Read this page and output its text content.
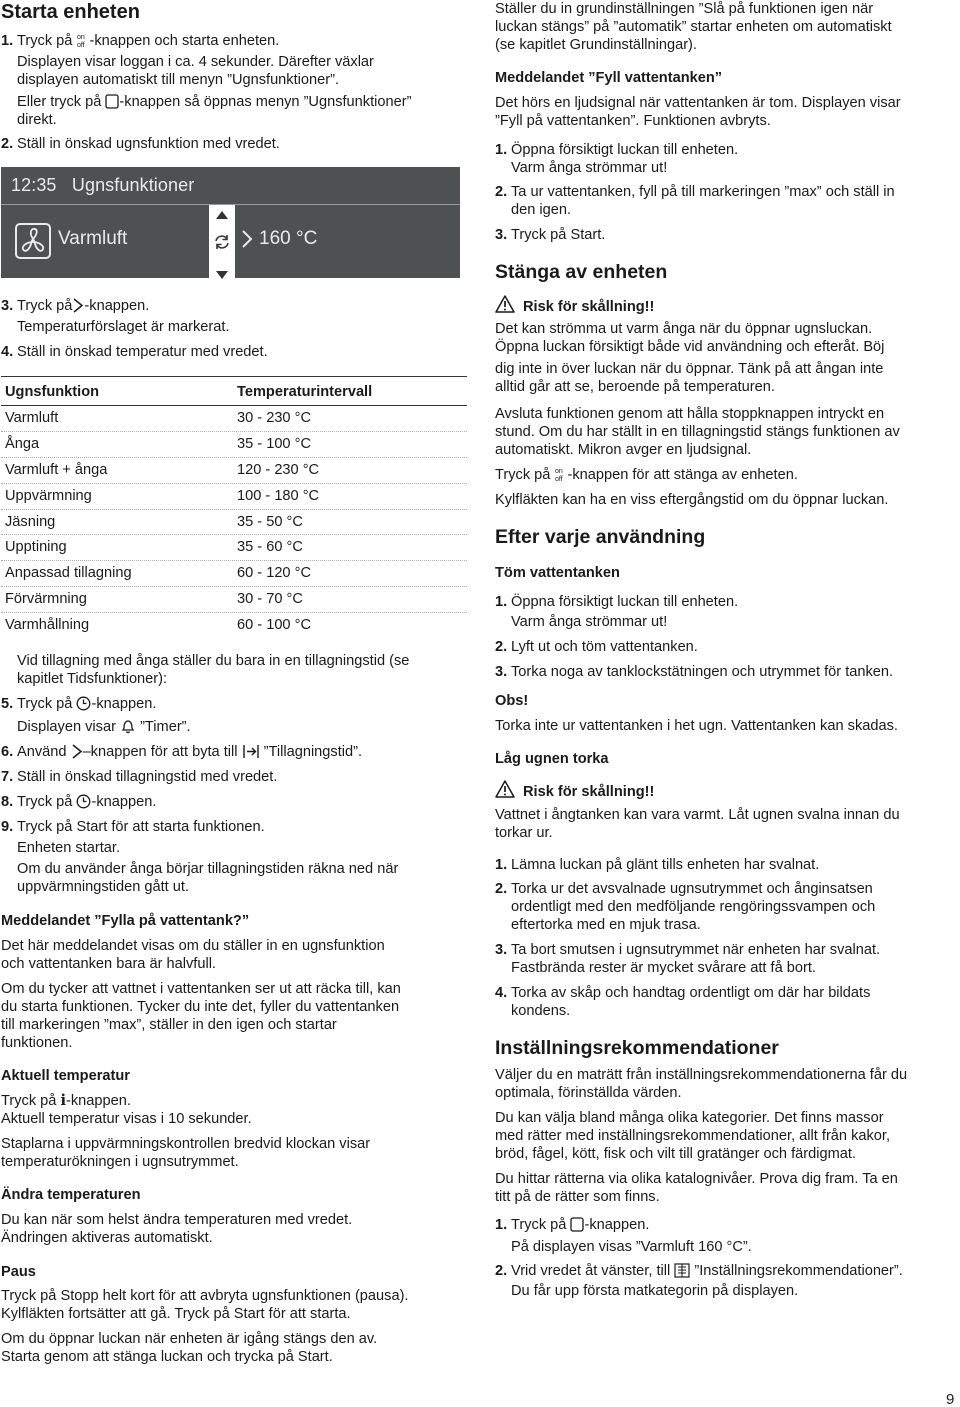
Starta enheten
1. Tryck på on
off -knappen och starta enheten.

Displayen visar loggan i ca. 4 sekunder. Därefter växlar

displayen automatiskt till menyn ”Ugnsfunktioner”.

Eller tryck på -knappen så öppnas menyn ”Ugnsfunktioner”

direkt.

2. Ställ in önskad ugnsfunktion med vredet.
12:35 Ugnsfunktioner
Varmluft	160 °C
3. Tryck på -knappen.

Temperaturförslaget är markerat.

4. Ställ in önskad temperatur med vredet.
Ugnsfunktion	Temperaturintervall
Varmluft	30 - 230 °C
Ånga	35 - 100 °C
Varmluft + ånga	120 - 230 °C
Uppvärmning	100 - 180 °C
Jäsning	35 - 50 °C
Upptining	35 - 60 °C
Anpassad tillagning	60 - 120 °C
Förvärmning	30 - 70 °C
Varmhållning	60 - 100 °C

Vid tillagning med ånga ställer du bara in en tillagningstid (se

kapitlet Tidsfunktioner):

5. Tryck på -knappen.

Displayen visar  ”Timer”.

6. Använd –knappen för att byta till  ”Tillagningstid”.
7. Ställ in önskad tillagningstid med vredet.
8. Tryck på -knappen.
9. Tryck på Start för att starta funktionen.

Enheten startar.

Om du använder ånga börjar tillagningstiden räkna ned när

uppvärmningstiden gått ut.

Meddelandet ”Fylla på vattentank?”

Det här meddelandet visas om du ställer in en ugnsfunktion

och vattentanken bara är halvfull.

Om du tycker att vattnet i vattentanken ser ut att räcka till, kan

du starta funktionen. Tycker du inte det, fyller du vattentanken

till markeringen ”max”, ställer in den igen och startar

funktionen.

Aktuell temperatur

Tryck på i-knappen.

Aktuell temperatur visas i 10 sekunder.

Staplarna i uppvärmningskontrollen bredvid klockan visar

temperaturökningen i ugnsutrymmet.

Ändra temperaturen

Du kan när som helst ändra temperaturen med vredet.

Ändringen aktiveras automatiskt.

Paus

Tryck på Stopp helt kort för att avbryta ugnsfunktionen (pausa).

Kylfläkten fortsätter att gå. Tryck på Start för att starta.

Om du öppnar luckan när enheten är igång stängs den av.

Starta genom att stänga luckan och trycka på Start.

Ställer du in grundinställningen ”Slå på funktionen igen när

luckan stängs” på ”automatik” startar enheten om automatiskt

(se kapitlet Grundinställningar).

Meddelandet ”Fyll vattentanken”

Det hörs en ljudsignal när vattentanken är tom. Displayen visar

”Fyll på vattentanken”. Funktionen avbryts.

1. Öppna försiktigt luckan till enheten.

Varm ånga strömmar ut!

2. Ta ur vattentanken, fyll på till markeringen ”max” och ställ in

den igen.

3. Tryck på Start.
Stänga av enheten
Risk för skållning!!

Det kan strömma ut varm ånga när du öppnar ugnsluckan.

Öppna luckan försiktigt både vid användning och efteråt. Böj

dig inte in över luckan när du öppnar. Tänk på att ångan inte

alltid går att se, beroende på temperaturen.

Avsluta funktionen genom att hålla stoppknappen intryckt en

stund. Om du har ställt in en tillagningstid stängs funktionen av

automatiskt. Mikron avger en ljudsignal.

Tryck på on
off -knappen för att stänga av enheten.

Kylfläkten kan ha en viss eftergångstid om du öppnar luckan.

Efter varje användning
Töm vattentanken
1. Öppna försiktigt luckan till enheten.

Varm ånga strömmar ut!

2. Lyft ut och töm vattentanken.
3. Torka noga av tanklockstätningen och utrymmet för tanken.
Obs!

Torka inte ur vattentanken i het ugn. Vattentanken kan skadas.

Låg ugnen torka
Risk för skållning!!

Vattnet i ångtanken kan vara varmt. Låt ugnen svalna innan du

torkar ur.

1. Lämna luckan på glänt tills enheten har svalnat.
2. Torka ur det avsvalnade ugnsutrymmet och ånginsatsen

ordentligt med den medföljande rengöringssvampen och

eftertorka med en mjuk trasa.

3. Ta bort smutsen i ugnsutrymmet när enheten har svalnat.

Fastbrända rester är mycket svårare att få bort.

4. Torka av skåp och handtag ordentligt om där har bildats

kondens.

Inställningsrekommendationer

Väljer du en maträtt från inställningsrekommendationerna får du

optimala, förinställda värden.

Du kan välja bland många olika kategorier. Det finns massor

med rätter med inställningsrekommendationer, allt från kakor,

bröd, fågel, kött, fisk och vilt till gratänger och färdigmat.

Du hittar rätterna via olika katalognivåer. Prova dig fram. Ta en

titt på de rätter som finns.

1. Tryck på -knappen.

På displayen visas ”Varmluft 160 °C”.

2. Vrid vredet åt vänster, till  ”Inställningsrekommendationer”.

Du får upp första matkategorin på displayen.

9
